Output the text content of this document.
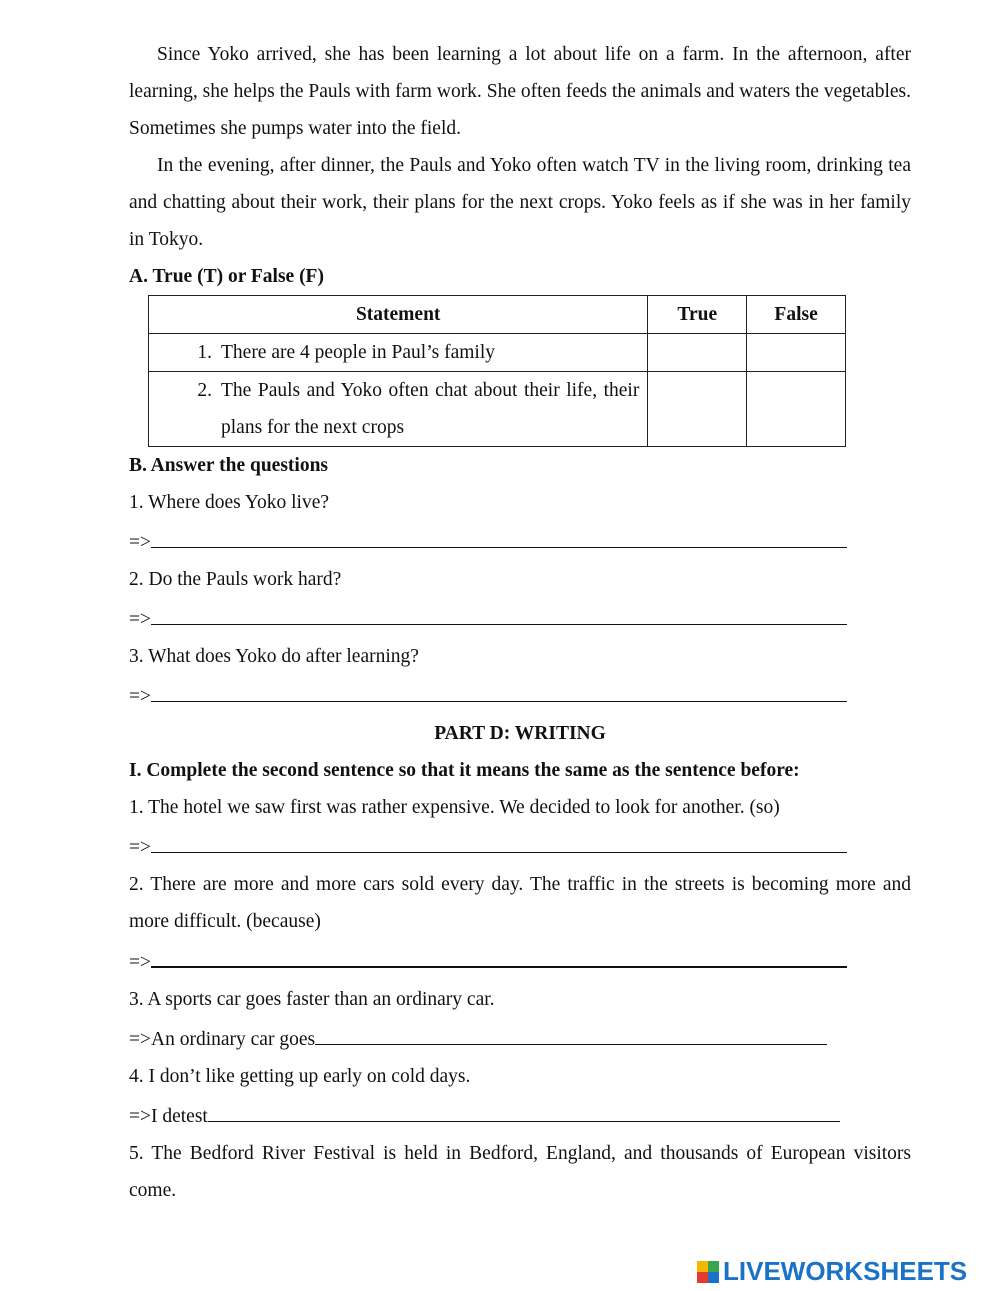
Since Yoko arrived, she has been learning a lot about life on a farm. In the afternoon, after learning, she helps the Pauls with farm work. She often feeds the animals and waters the vegetables. Sometimes she pumps water into the field.

In the evening, after dinner, the Pauls and Yoko often watch TV in the living room, drinking tea and chatting about their work, their plans for the next crops. Yoko feels as if she was in her family in Tokyo.

A. True (T) or False (F)

Statement	True	False

1. There are 4 people in Paul’s family		

2. The Pauls and Yoko often chat about their life, their plans for the next crops		

B. Answer the questions

1. Where does Yoko live?

=>

2. Do the Pauls work hard?

=>

3. What does Yoko do after learning?

=>

PART D: WRITING

I. Complete the second sentence so that it means the same as the sentence before:

1. The hotel we saw first was rather expensive. We decided to look for another. (so)

=>

2. There are more and more cars sold every day. The traffic in the streets is becoming more and more difficult. (because)

=>

3. A sports car goes faster than an ordinary car.

=>An ordinary car goes

4. I don’t like getting up early on cold days.

=>I detest

5. The Bedford River Festival is held in Bedford, England, and thousands of European visitors come.

LIVEWORKSHEETS
